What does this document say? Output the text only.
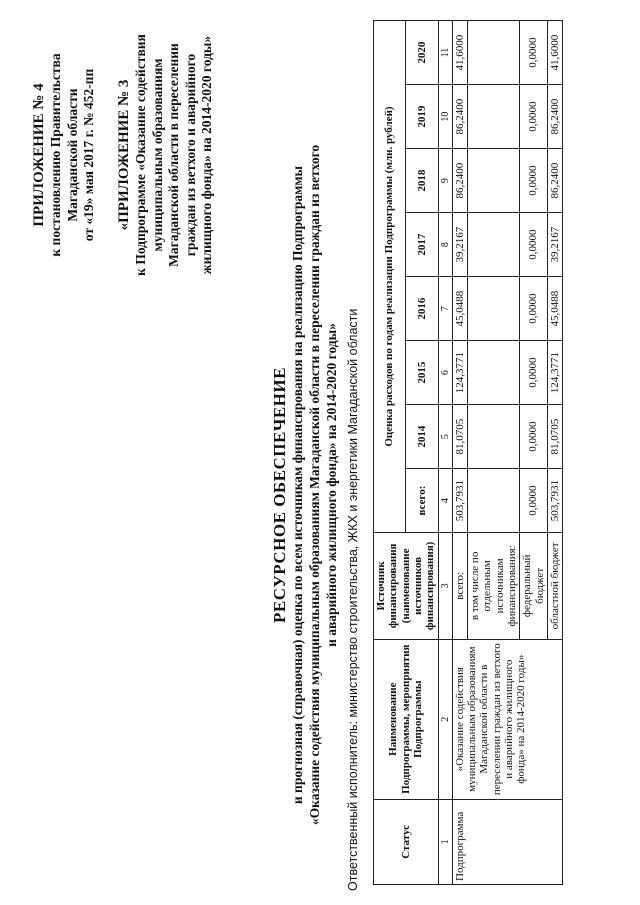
ПРИЛОЖЕНИЕ № 4 к постановлению Правительства Магаданской области от «19» мая 2017 г. № 452-пп «ПРИЛОЖЕНИЕ № 3 к Подпрограмме «Оказание содействия муниципальным образованиям Магаданской области в переселении граждан из ветхого и аварийного жилищного фонда» на 2014-2020 годы»
РЕСУРСНОЕ ОБЕСПЕЧЕНИЕ и прогнозная (справочная) оценка по всем источникам финансирования на реализацию Подпрограммы «Оказание содействия муниципальным образованиям Магаданской области в переселении граждан из ветхого и аварийного жилищного фонда» на 2014-2020 годы» Ответственный исполнитель: министерство строительства, ЖКХ и энергетики Магаданской области	Статус	Наименование Подпрограммы, мероприятия Подпрограммы	Источник финансирования (наименование источников финансирования)	Оценка расходов по годам реализации Подпрограммы (млн. рублей)							
			всего:	2014	2015	2016	2017	2018	2019	2020
1	2	3	4	5	6	7	8	9	10	11
Подпрограмма	«Оказание содействия муниципальным образованиям Магаданской области в переселении граждан из ветхого и аварийного жилищного фонда» на 2014-2020 годы»	всего:	503,7931	81,0705	124,3771	45,0488	39,2167	86,2400	86,2400	41,6000
		в том числе по отдельным источникам финансирования:								
		федеральный бюджет	0,0000	0,0000	0,0000	0,0000	0,0000	0,0000	0,0000	0,0000
		областной бюджет	503,7931	81,0705	124,3771	45,0488	39,2167	86,2400	86,2400	41,6000
